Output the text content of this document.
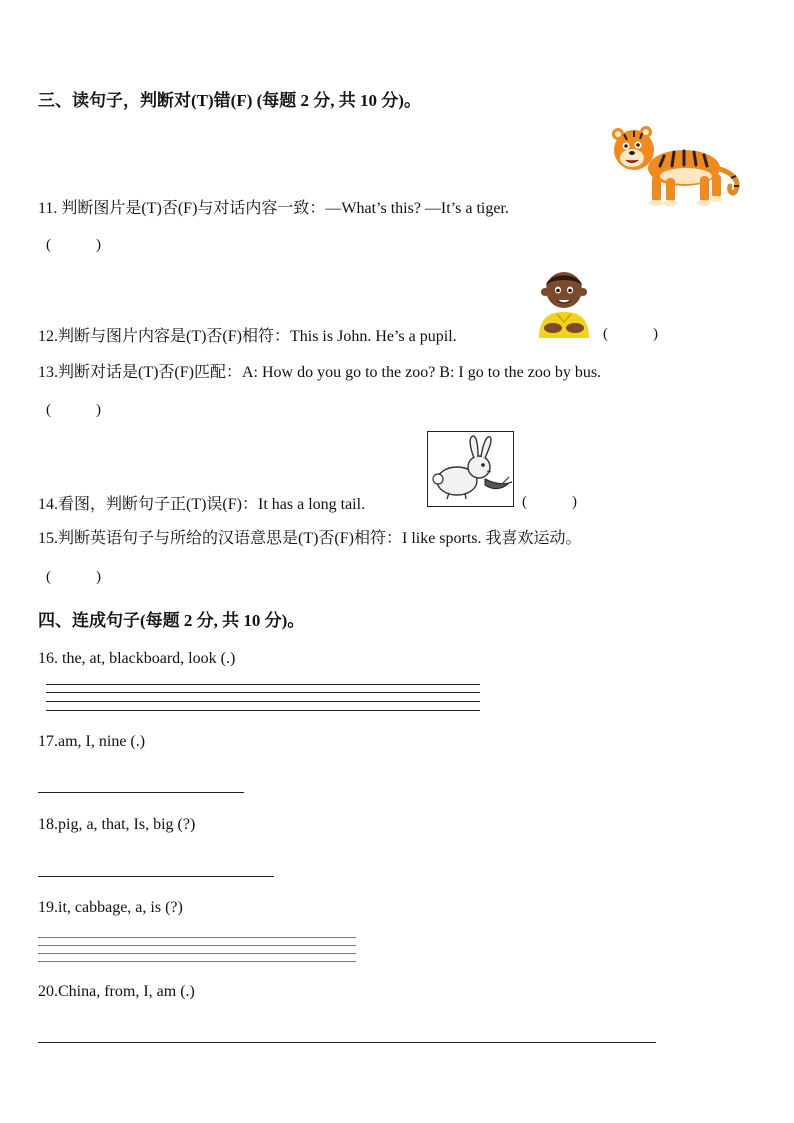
三、读句子，判断对(T)错(F) (每题 2 分, 共 10 分)。
11. 判断图片是(T)否(F)与对话内容一致：—What’s this? —It’s a tiger.
(　　　)
12.判断与图片内容是(T)否(F)相符：This is John. He’s a pupil.	(　　　)
13.判断对话是(T)否(F)匹配：A: How do you go to the zoo? B: I go to the zoo by bus.
(　　　)
14.看图，判断句子正(T)误(F)：It has a long tail.	(　　　)
15.判断英语句子与所给的汉语意思是(T)否(F)相符：I like sports. 我喜欢运动。
(　　　)
四、连成句子(每题 2 分, 共 10 分)。
16. the, at, blackboard, look (.)
17.am, I, nine (.)
18.pig, a, that, Is, big (?)
19.it, cabbage, a, is (?)
20.China, from, I, am (.)
